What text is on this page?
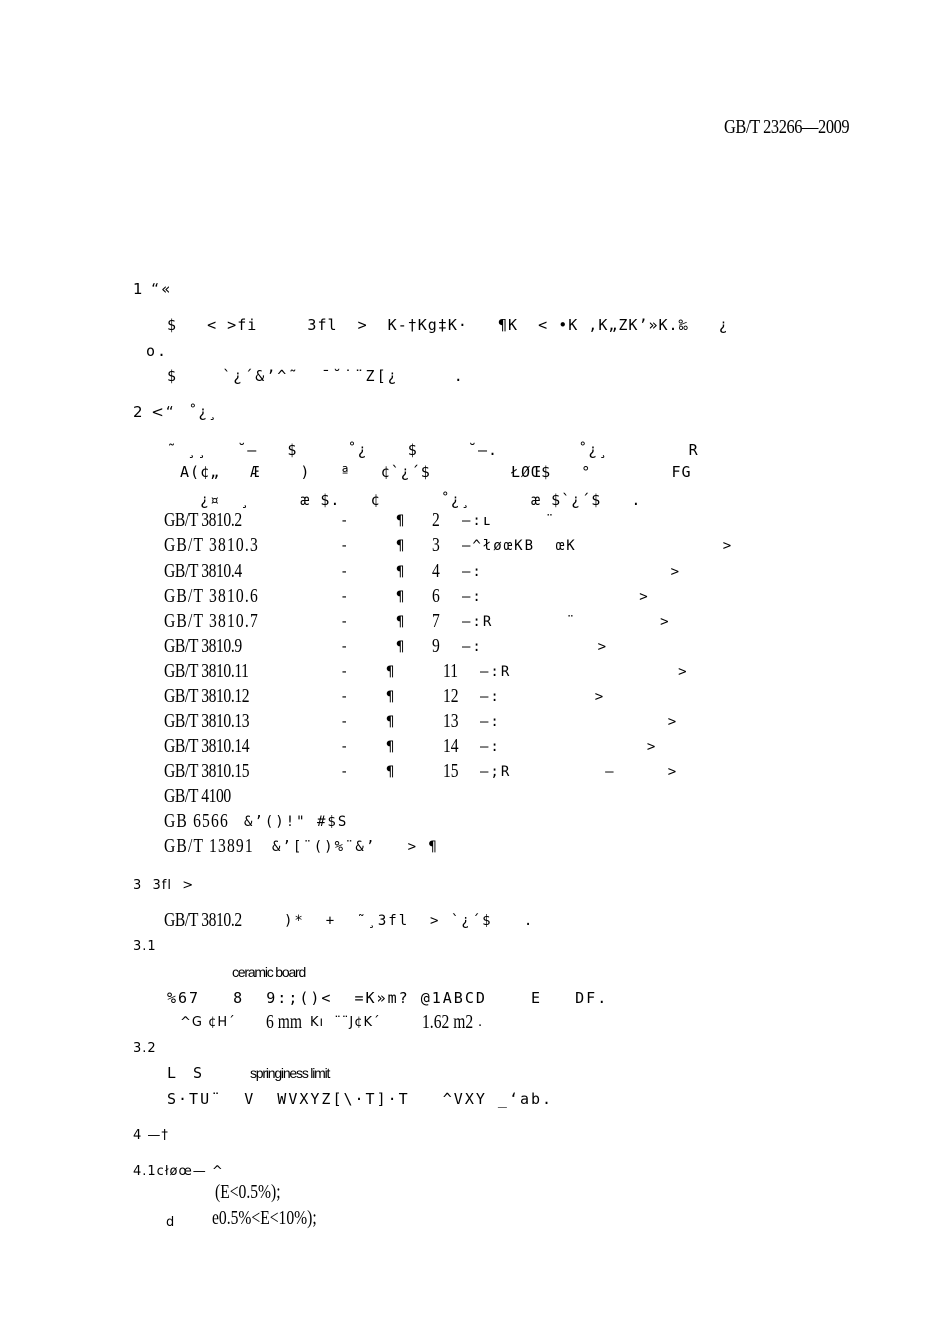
GB/T 23266—2009
1 “«
$   < >fi     3fl  >  K‐†Kg‡K·   ¶K  < •K ,K„ZK’»K.‰   ¿
o.
$    `¿´&’^˜  ¯˘˙¨Z[¿     .
2 <“  ˚¿¸
˜ ¸¸   ˘—   $     ˚¿    $     ˘—.        ˚¿¸        R
A(¢„   Æ    )   ª   ¢`¿´$        ŁØŒ$   °        FG
¿¤  ¸     æ $.   ¢      ˚¿¸      æ $`¿´$   .
GB/T 3810.2	-	¶ 2 —:ʟ     ¨
GB/T 3810.3	-	¶ 3 —^łøœKB  œK              >
GB/T 3810.4	-	¶ 4 —:                  >
GB/T 3810.6	-	¶ 6 —:               >
GB/T 3810.7	-	¶ 7 —:R       ¨        >
GB/T 3810.9	-	¶ 9 —:           >
GB/T 3810.11	-	¶ 11 —:R                >
GB/T 3810.12	-	¶ 12 —:         >
GB/T 3810.13	-	¶ 13 —:                >
GB/T 3810.14	-	¶ 14 —:              >
GB/T 3810.15	-	¶ 15 —;R         —     >
GB/T 4100
GB 6566 &’()!" #$S
GB/T 13891 &’[¨()%¨&’   > ¶
3  3fl  >
GB/T 3810.2	)*  +  ˜¸3fl  > `¿´$   .
3.1
ceramic board
%67   8  9:;()<  =K»m? @1ABCD    E   DF.
^G ¢H´ 6 mm Kı  ¨¨J¢K´ 1.62 m2 .
3.2
L S	springiness limit
S·TU¨  V  WVXYZ[\·T]·T   ^VXY _‘ab.
4 —†
4.1cłøœ— ^
(E<0.5%);
d e0.5%<E<10%);
